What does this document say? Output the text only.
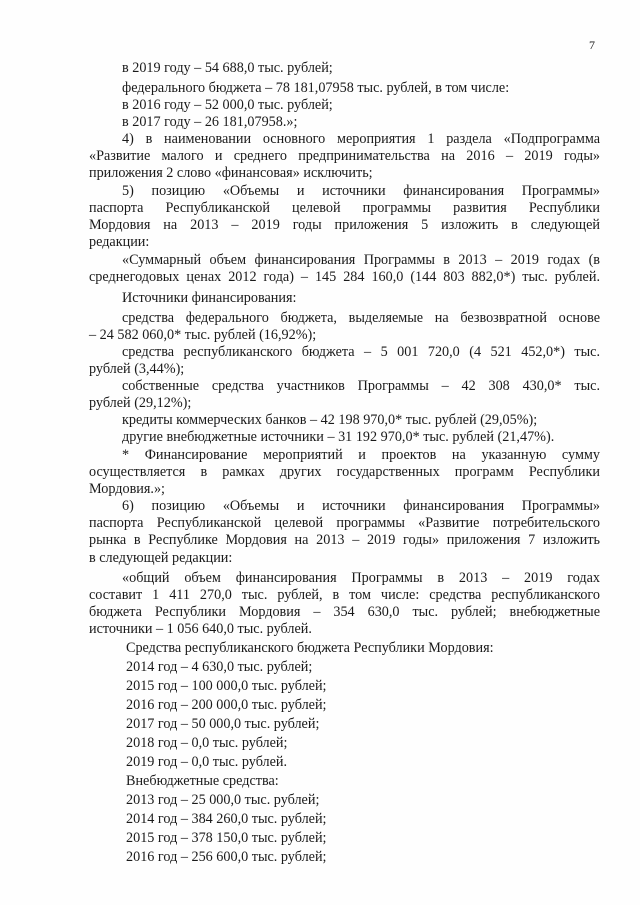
7
в 2019 году – 54 688,0 тыс. рублей;
федерального бюджета – 78 181,07958 тыс. рублей, в том числе:
в 2016 году – 52 000,0 тыс. рублей;
в 2017 году – 26 181,07958.»;
4) в наименовании основного мероприятия 1 раздела «Подпрограмма
«Развитие малого и среднего предпринимательства на 2016 – 2019 годы»
приложения 2 слово «финансовая» исключить;
5) позицию «Объемы и источники финансирования Программы»
паспорта Республиканской целевой программы развития Республики
Мордовия на 2013 – 2019 годы приложения 5 изложить в следующей
редакции:
«Суммарный объем финансирования Программы в 2013 – 2019 годах (в
среднегодовых ценах 2012 года) – 145 284 160,0 (144 803 882,0*) тыс. рублей.
Источники финансирования:
средства федерального бюджета, выделяемые на безвозвратной основе
– 24 582 060,0* тыс. рублей (16,92%);
средства республиканского бюджета – 5 001 720,0 (4 521 452,0*) тыс.
рублей (3,44%);
собственные средства участников Программы – 42 308 430,0* тыс.
рублей (29,12%);
кредиты коммерческих банков – 42 198 970,0* тыс. рублей (29,05%);
другие внебюджетные источники – 31 192 970,0* тыс. рублей (21,47%).
* Финансирование мероприятий и проектов на указанную сумму
осуществляется в рамках других государственных программ Республики
Мордовия.»;
6) позицию «Объемы и источники финансирования Программы»
паспорта Республиканской целевой программы «Развитие потребительского
рынка в Республике Мордовия на 2013 – 2019 годы» приложения 7 изложить
в следующей редакции:
«общий объем финансирования Программы в 2013 – 2019 годах
составит 1 411 270,0 тыс. рублей, в том числе: средства республиканского
бюджета Республики Мордовия – 354 630,0 тыс. рублей; внебюджетные
источники – 1 056 640,0 тыс. рублей.
Средства республиканского бюджета Республики Мордовия:
2014 год – 4 630,0 тыс. рублей;
2015 год – 100 000,0 тыс. рублей;
2016 год – 200 000,0 тыс. рублей;
2017 год – 50 000,0 тыс. рублей;
2018 год – 0,0 тыс. рублей;
2019 год – 0,0 тыс. рублей.
Внебюджетные средства:
2013 год – 25 000,0 тыс. рублей;
2014 год – 384 260,0 тыс. рублей;
2015 год – 378 150,0 тыс. рублей;
2016 год – 256 600,0 тыс. рублей;
